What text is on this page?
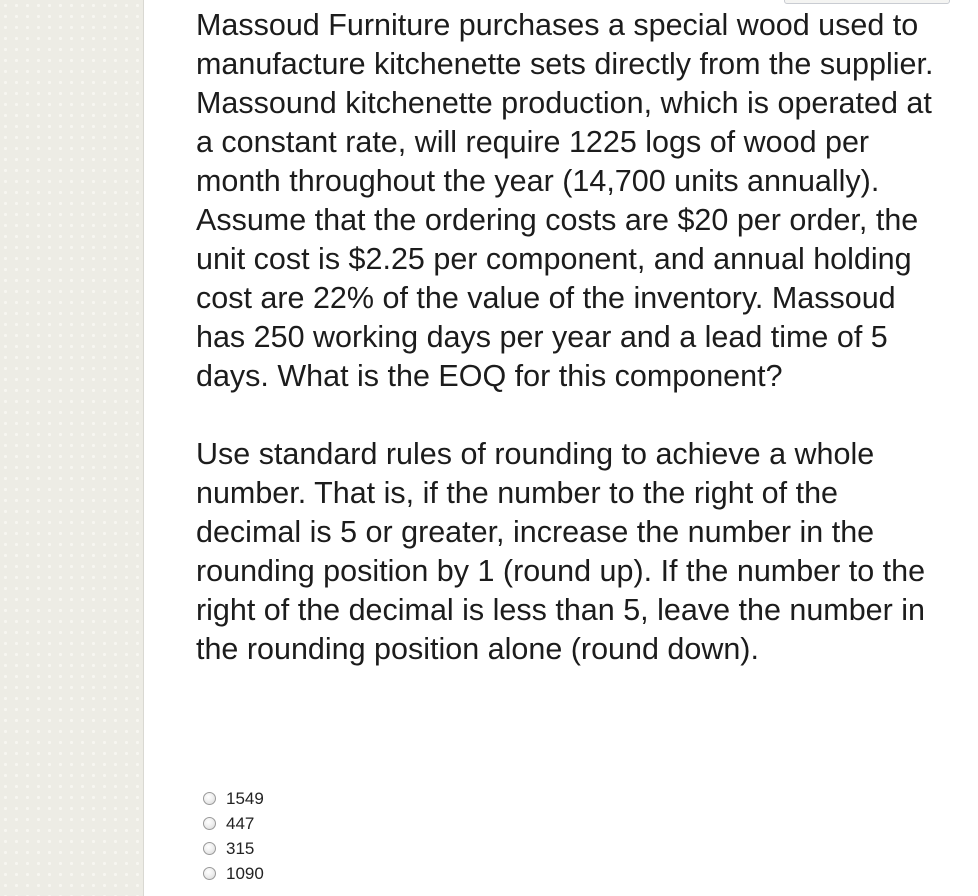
Massoud Furniture purchases a special wood used to manufacture kitchenette sets directly from the supplier. Massound kitchenette production, which is operated at a constant rate, will require 1225 logs of wood per month throughout the year (14,700 units annually). Assume that the ordering costs are $20 per order, the unit cost is $2.25 per component, and annual holding cost are 22% of the value of the inventory. Massoud has 250 working days per year and a lead time of 5 days. What is the EOQ for this component?

Use standard rules of rounding to achieve a whole number. That is, if the number to the right of the decimal is 5 or greater, increase the number in the rounding position by 1 (round up). If the number to the right of the decimal is less than 5, leave the number in the rounding position alone (round down).

1549
447
315
1090
